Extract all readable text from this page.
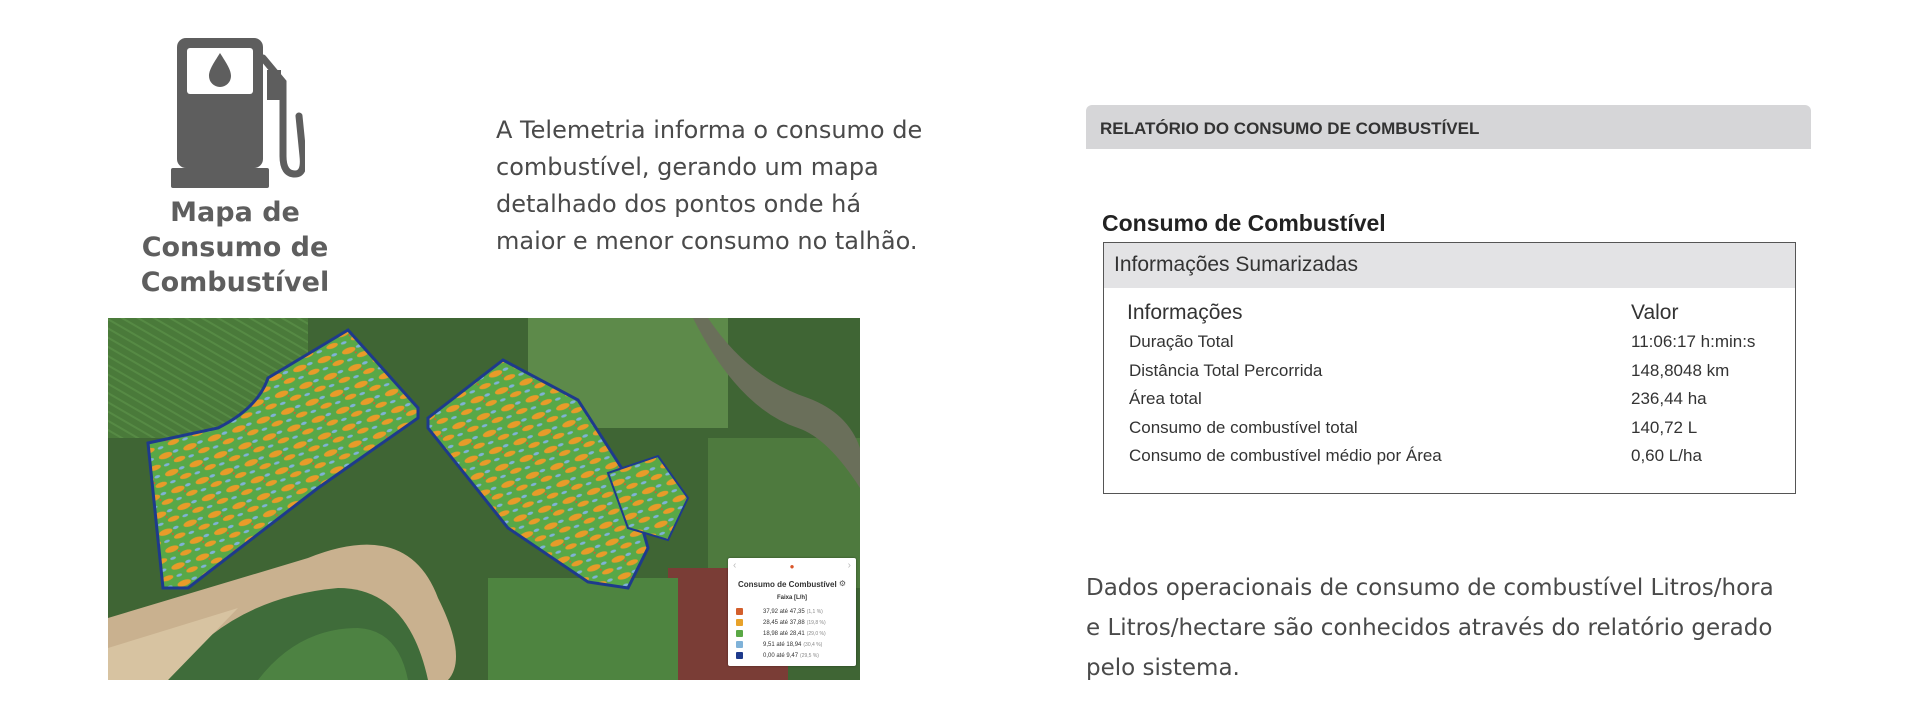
Mapa de
Consumo de
Combustível
A Telemetria informa o consumo de
combustível, gerando um mapa
detalhado dos pontos onde há
maior e menor consumo no talhão.
‹	●	›
Consumo de Combustível ⚙
Faixa [L/h]
37,92 até 47,35 (1,1 %)
28,45 até 37,88 (19,8 %)
18,98 até 28,41 (29,0 %)
9,51 até 18,94 (30,4 %)
0,00 até 9,47 (29,5 %)
RELATÓRIO DO CONSUMO DE COMBUSTÍVEL
Consumo de Combustível
Informações Sumarizadas
Informações	Valor
Duração Total	11:06:17 h:min:s
Distância Total Percorrida	148,8048 km
Área total	236,44 ha
Consumo de combustível total	140,72 L
Consumo de combustível médio por Área	0,60 L/ha
Dados operacionais de consumo de combustível Litros/hora
e Litros/hectare são conhecidos através do relatório gerado
pelo sistema.
